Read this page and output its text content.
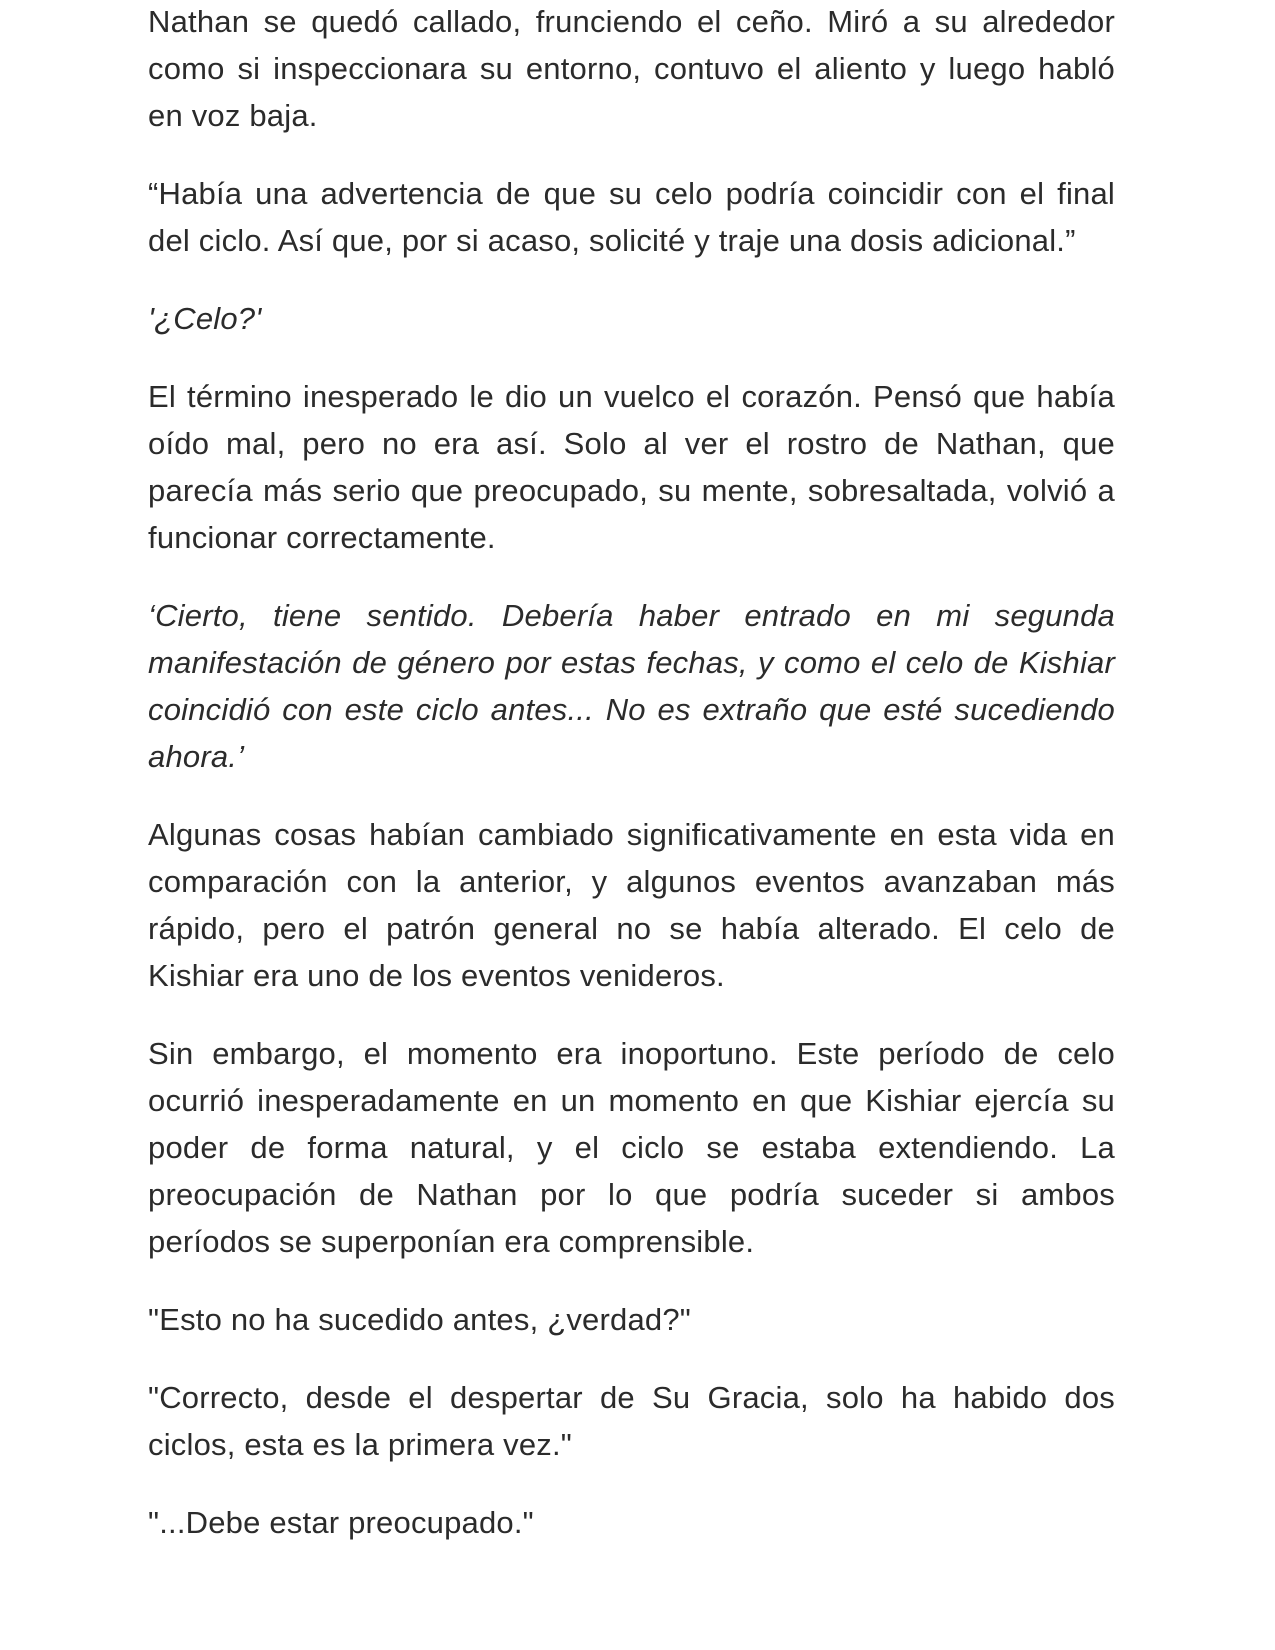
Nathan se quedó callado, frunciendo el ceño. Miró a su alrededor como si inspeccionara su entorno, contuvo el aliento y luego habló en voz baja.

“Había una advertencia de que su celo podría coincidir con el final del ciclo. Así que, por si acaso, solicité y traje una dosis adicional.”

'¿Celo?'

El término inesperado le dio un vuelco el corazón. Pensó que había oído mal, pero no era así. Solo al ver el rostro de Nathan, que parecía más serio que preocupado, su mente, sobresaltada, volvió a funcionar correctamente.

‘Cierto, tiene sentido. Debería haber entrado en mi segunda manifestación de género por estas fechas, y como el celo de Kishiar coincidió con este ciclo antes... No es extraño que esté sucediendo ahora.’

Algunas cosas habían cambiado significativamente en esta vida en comparación con la anterior, y algunos eventos avanzaban más rápido, pero el patrón general no se había alterado. El celo de Kishiar era uno de los eventos venideros.

Sin embargo, el momento era inoportuno. Este período de celo ocurrió inesperadamente en un momento en que Kishiar ejercía su poder de forma natural, y el ciclo se estaba extendiendo. La preocupación de Nathan por lo que podría suceder si ambos períodos se superponían era comprensible.

"Esto no ha sucedido antes, ¿verdad?"

"Correcto, desde el despertar de Su Gracia, solo ha habido dos ciclos, esta es la primera vez."

"...Debe estar preocupado."
